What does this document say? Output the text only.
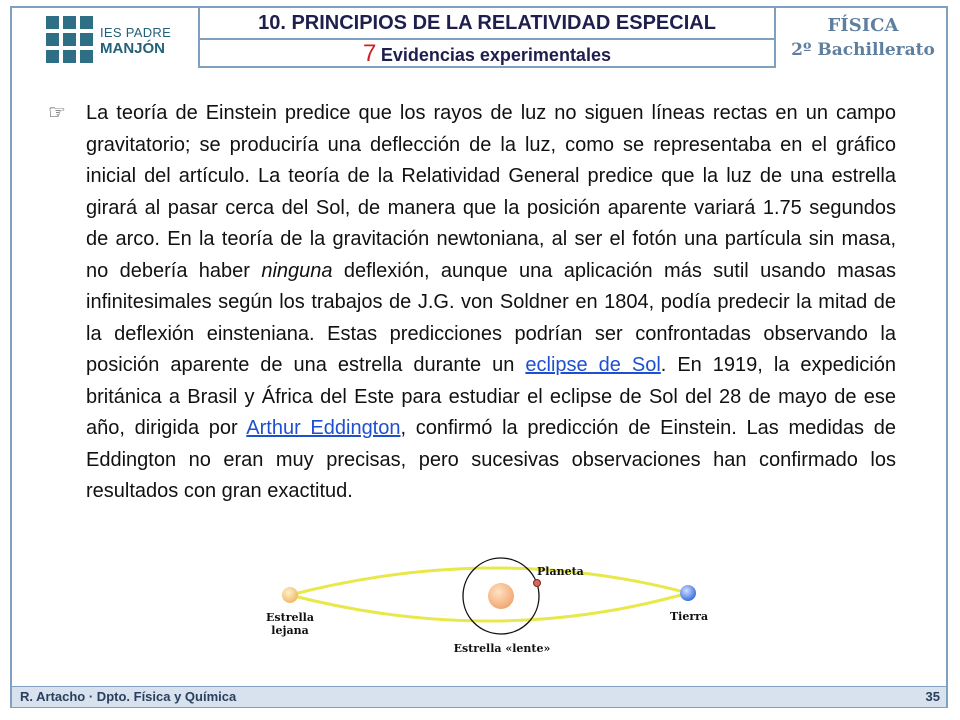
IES PADRE
MANJÓN
10. PRINCIPIOS DE LA RELATIVIDAD ESPECIAL
7 Evidencias experimentales
FÍSICA
2º Bachillerato
☞ La teoría de Einstein predice que los rayos de luz no siguen líneas rectas en un campo gravitatorio; se produciría una deflección de la luz, como se representaba en el gráfico inicial del artículo. La teoría de la Relatividad General predice que la luz de una estrella girará al pasar cerca del Sol, de manera que la posición aparente variará 1.75 segundos de arco. En la teoría de la gravitación newtoniana, al ser el fotón una partícula sin masa, no debería haber ninguna deflexión, aunque una aplicación más sutil usando masas infinitesimales según los trabajos de J.G. von Soldner en 1804, podía predecir la mitad de la deflexión einsteniana. Estas predicciones podrían ser confrontadas observando la posición aparente de una estrella durante un eclipse de Sol. En 1919, la expedición británica a Brasil y África del Este para estudiar el eclipse de Sol del 28 de mayo de ese año, dirigida por Arthur Eddington, confirmó la predicción de Einstein. Las medidas de Eddington no eran muy precisas, pero sucesivas observaciones han confirmado los resultados con gran exactitud.

Planeta
Estrella lejana
Estrella «lente»
Tierra
R. Artacho · Dpto. Física y Química	35
